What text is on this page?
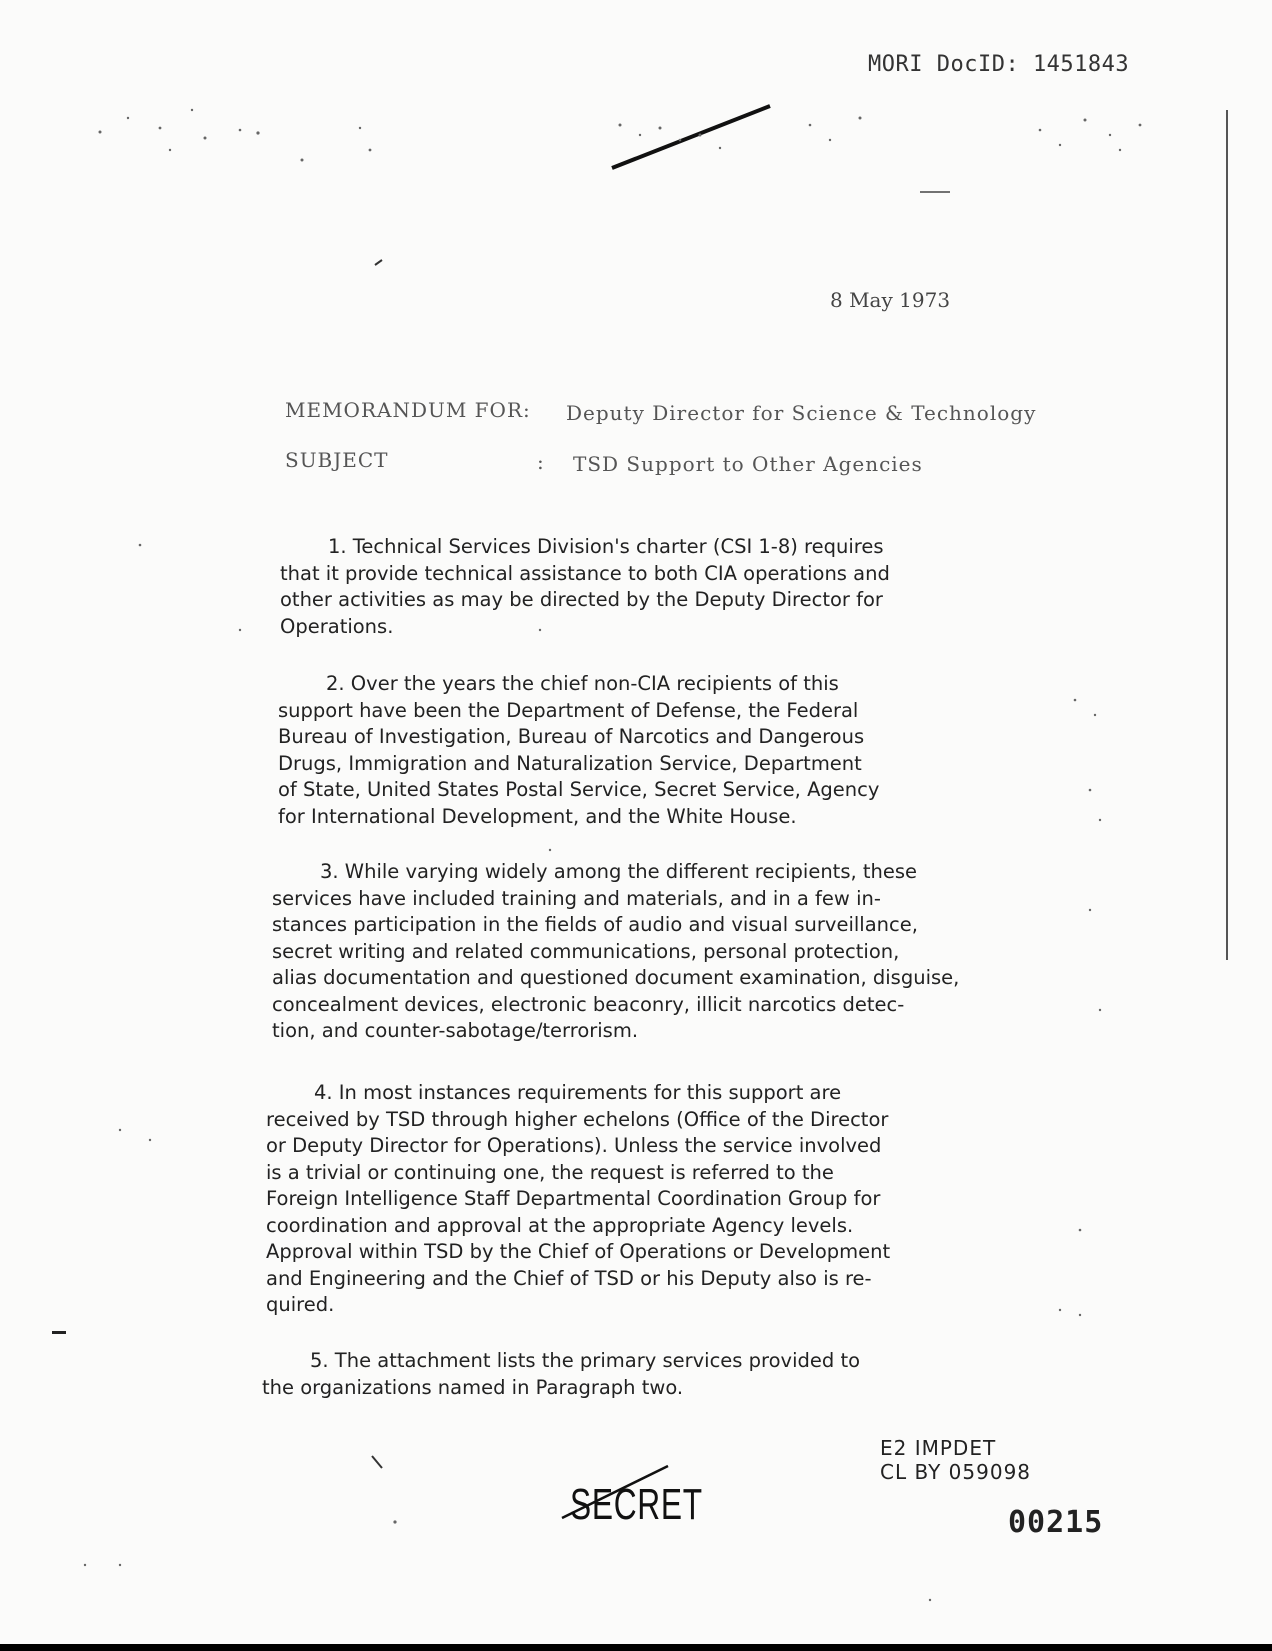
MORI DocID: 1451843

8 May 1973

MEMORANDUM FOR: Deputy Director for Science & Technology

SUBJECT	: TSD Support to Other Agencies

1. Technical Services Division's charter (CSI 1-8) requires
that it provide technical assistance to both CIA operations and
other activities as may be directed by the Deputy Director for
Operations.
2. Over the years the chief non-CIA recipients of this
support have been the Department of Defense, the Federal
Bureau of Investigation, Bureau of Narcotics and Dangerous
Drugs, Immigration and Naturalization Service, Department
of State, United States Postal Service, Secret Service, Agency
for International Development, and the White House.
3. While varying widely among the different recipients, these
services have included training and materials, and in a few in-
stances participation in the fields of audio and visual surveillance,
secret writing and related communications, personal protection,
alias documentation and questioned document examination, disguise,
concealment devices, electronic beaconry, illicit narcotics detec-
tion, and counter-sabotage/terrorism.
4. In most instances requirements for this support are
received by TSD through higher echelons (Office of the Director
or Deputy Director for Operations). Unless the service involved
is a trivial or continuing one, the request is referred to the
Foreign Intelligence Staff Departmental Coordination Group for
coordination and approval at the appropriate Agency levels.
Approval within TSD by the Chief of Operations or Development
and Engineering and the Chief of TSD or his Deputy also is re-
quired.
5. The attachment lists the primary services provided to
the organizations named in Paragraph two.
E2 IMPDET
CL BY 059098

SECRET	00215
